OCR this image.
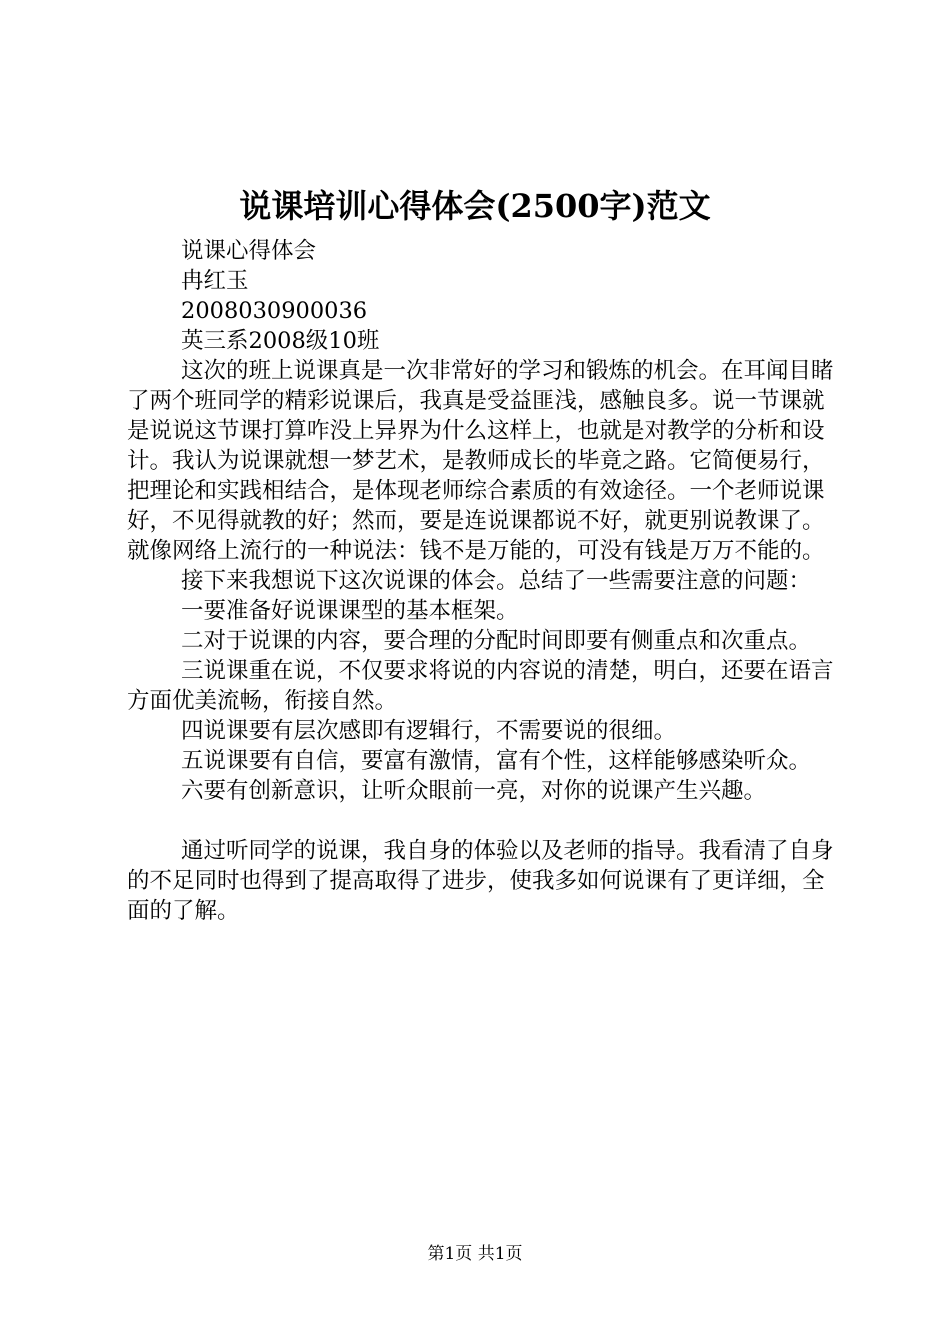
说课培训心得体会(2500字)范文

说课心得体会

冉红玉

2008030900036

英三系2008级10班

这次的班上说课真是一次非常好的学习和锻炼的机会。在耳闻目睹了两个班同学的精彩说课后，我真是受益匪浅，感触良多。说一节课就是说说这节课打算咋没上异界为什么这样上，也就是对教学的分析和设计。我认为说课就想一梦艺术，是教师成长的毕竟之路。它简便易行，把理论和实践相结合，是体现老师综合素质的有效途径。一个老师说课好，不见得就教的好；然而，要是连说课都说不好，就更别说教课了。就像网络上流行的一种说法：钱不是万能的，可没有钱是万万不能的。

接下来我想说下这次说课的体会。总结了一些需要注意的问题：

一要准备好说课课型的基本框架。

二对于说课的内容，要合理的分配时间即要有侧重点和次重点。

三说课重在说，不仅要求将说的内容说的清楚，明白，还要在语言方面优美流畅，衔接自然。

四说课要有层次感即有逻辑行，不需要说的很细。

五说课要有自信，要富有激情，富有个性，这样能够感染听众。

六要有创新意识，让听众眼前一亮，对你的说课产生兴趣。

通过听同学的说课，我自身的体验以及老师的指导。我看清了自身的不足同时也得到了提高取得了进步，使我多如何说课有了更详细，全面的了解。

第1页 共1页
